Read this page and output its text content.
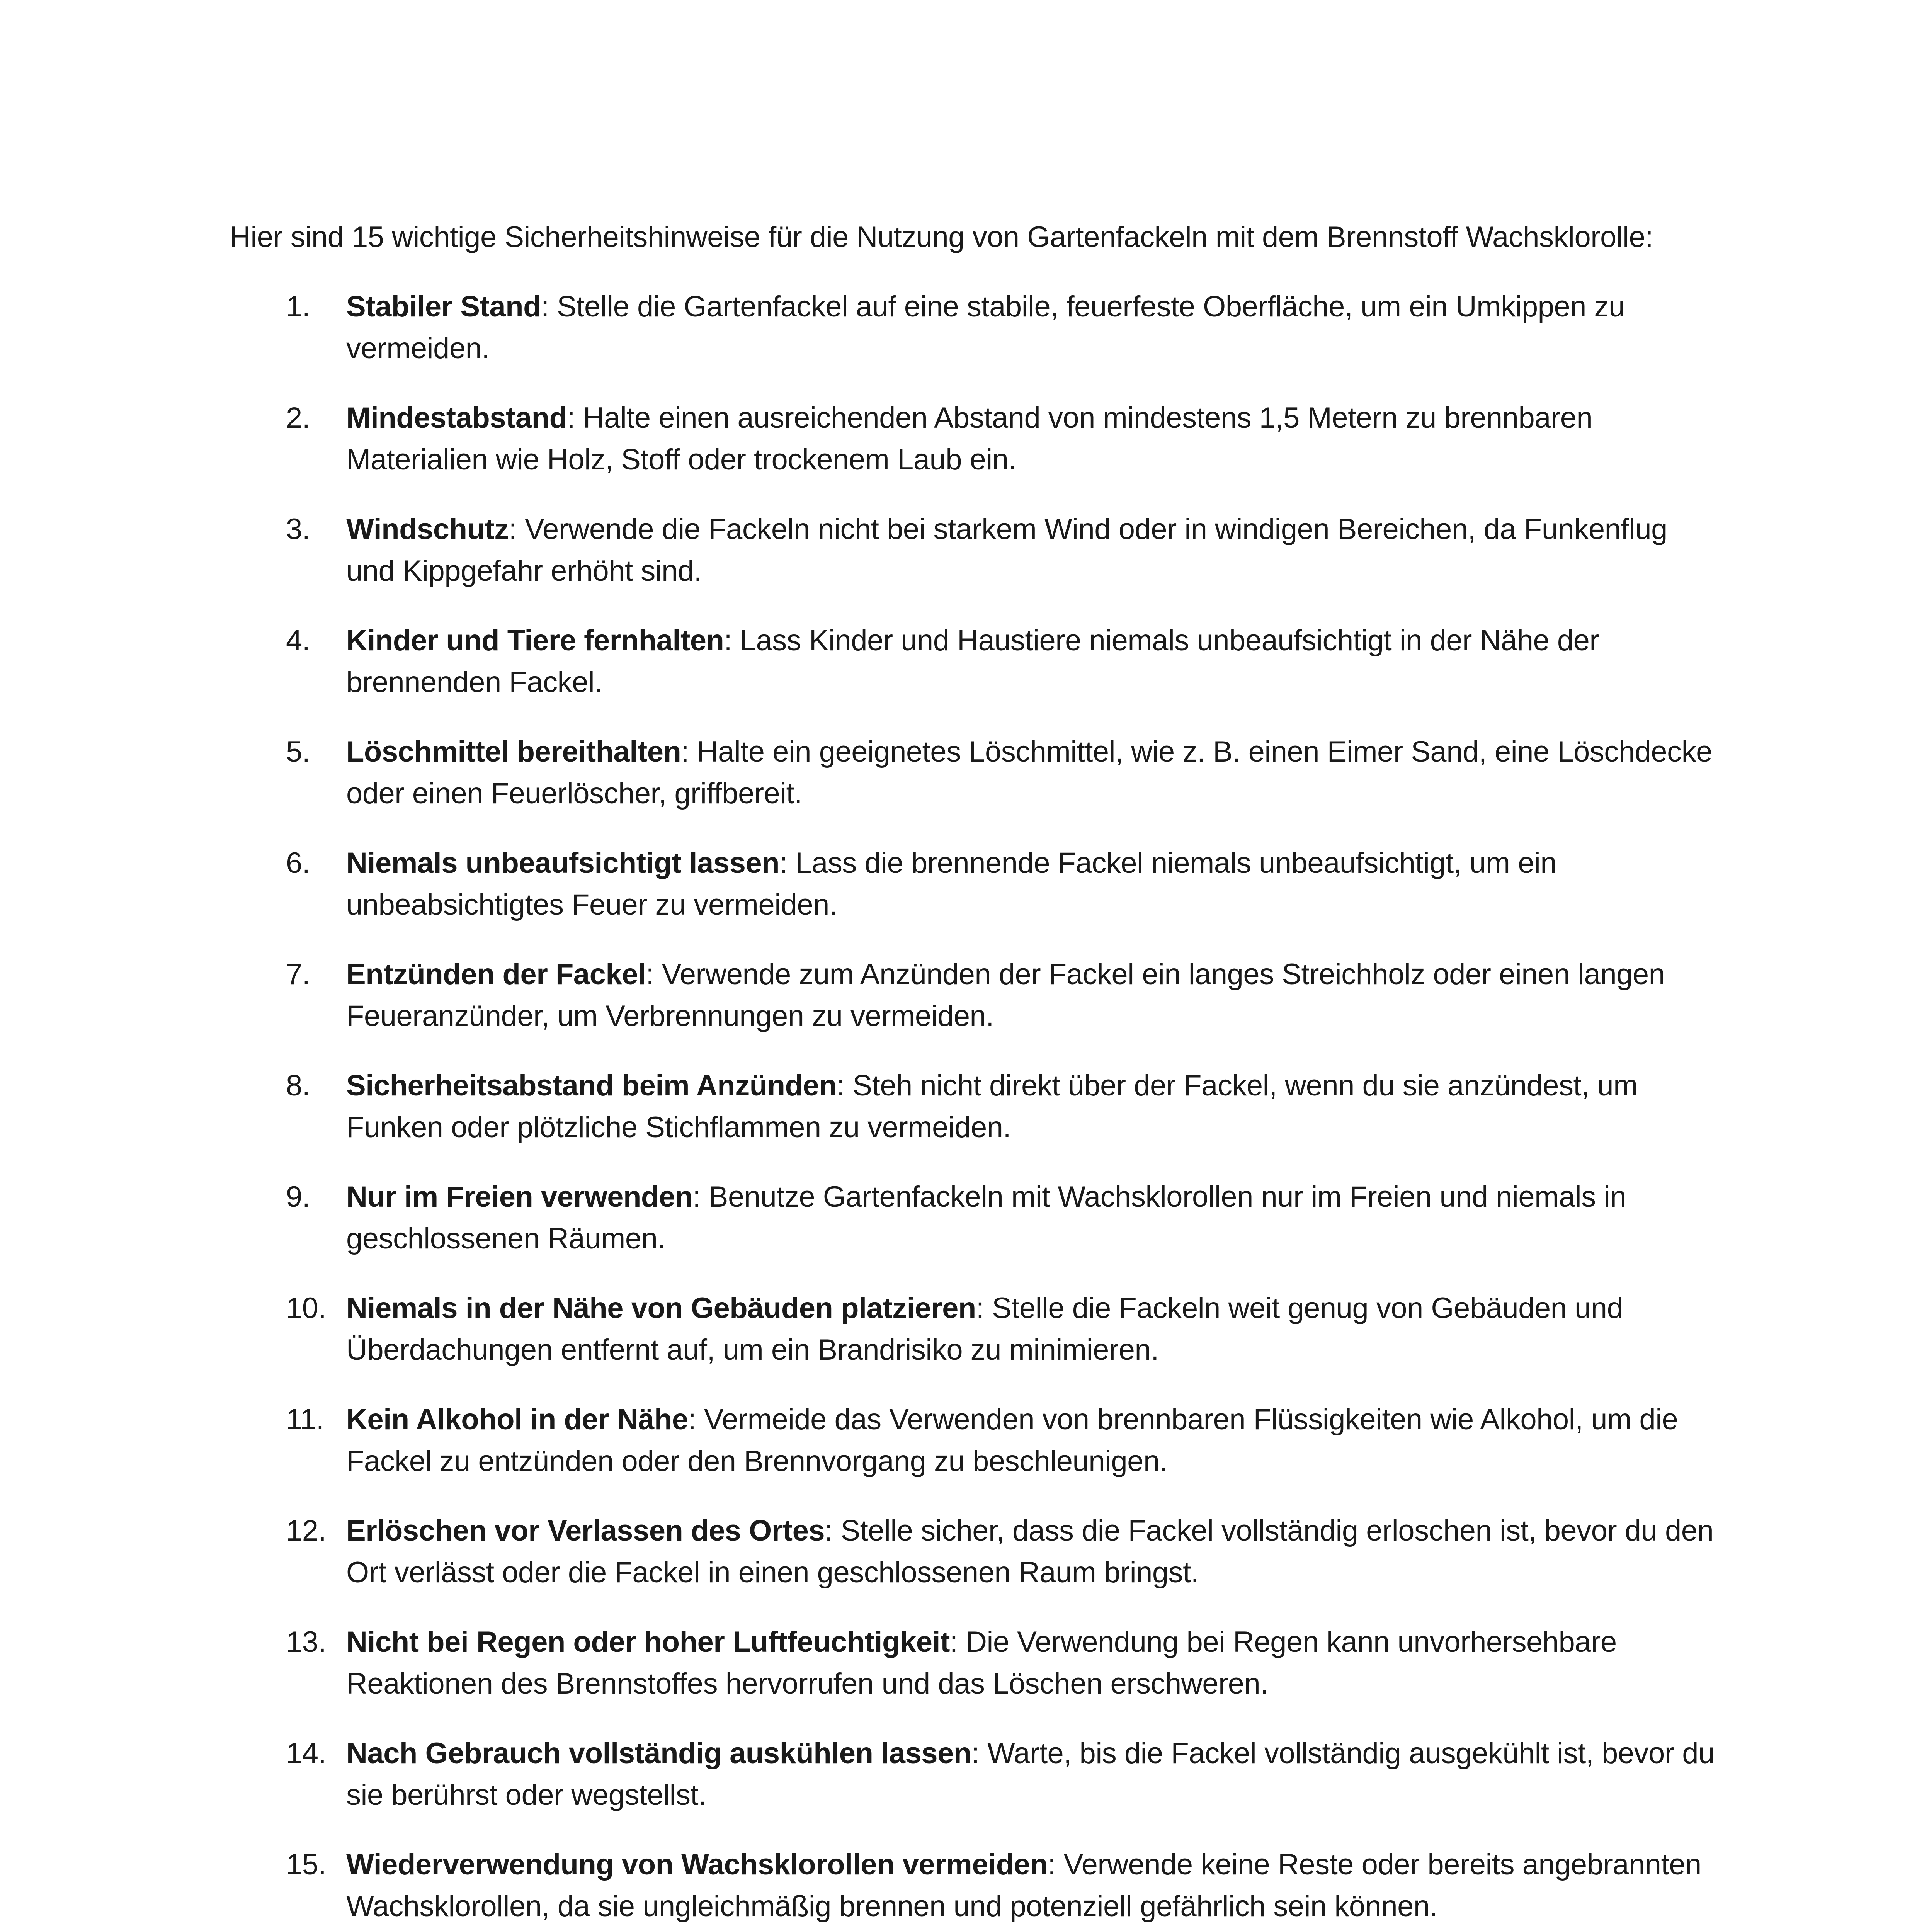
Hier sind 15 wichtige Sicherheitshinweise für die Nutzung von Gartenfackeln mit dem Brennstoff Wachsklorolle:

1. Stabiler Stand: Stelle die Gartenfackel auf eine stabile, feuerfeste Oberfläche, um ein Umkippen zu vermeiden.
2. Mindestabstand: Halte einen ausreichenden Abstand von mindestens 1,5 Metern zu brennbaren Materialien wie Holz, Stoff oder trockenem Laub ein.
3. Windschutz: Verwende die Fackeln nicht bei starkem Wind oder in windigen Bereichen, da Funkenflug und Kippgefahr erhöht sind.
4. Kinder und Tiere fernhalten: Lass Kinder und Haustiere niemals unbeaufsichtigt in der Nähe der brennenden Fackel.
5. Löschmittel bereithalten: Halte ein geeignetes Löschmittel, wie z. B. einen Eimer Sand, eine Löschdecke oder einen Feuerlöscher, griffbereit.
6. Niemals unbeaufsichtigt lassen: Lass die brennende Fackel niemals unbeaufsichtigt, um ein unbeabsichtigtes Feuer zu vermeiden.
7. Entzünden der Fackel: Verwende zum Anzünden der Fackel ein langes Streichholz oder einen langen Feueranzünder, um Verbrennungen zu vermeiden.
8. Sicherheitsabstand beim Anzünden: Steh nicht direkt über der Fackel, wenn du sie anzündest, um Funken oder plötzliche Stichflammen zu vermeiden.
9. Nur im Freien verwenden: Benutze Gartenfackeln mit Wachsklorollen nur im Freien und niemals in geschlossenen Räumen.
10. Niemals in der Nähe von Gebäuden platzieren: Stelle die Fackeln weit genug von Gebäuden und Überdachungen entfernt auf, um ein Brandrisiko zu minimieren.
11. Kein Alkohol in der Nähe: Vermeide das Verwenden von brennbaren Flüssigkeiten wie Alkohol, um die Fackel zu entzünden oder den Brennvorgang zu beschleunigen.
12. Erlöschen vor Verlassen des Ortes: Stelle sicher, dass die Fackel vollständig erloschen ist, bevor du den Ort verlässt oder die Fackel in einen geschlossenen Raum bringst.
13. Nicht bei Regen oder hoher Luftfeuchtigkeit: Die Verwendung bei Regen kann unvorhersehbare Reaktionen des Brennstoffes hervorrufen und das Löschen erschweren.
14. Nach Gebrauch vollständig auskühlen lassen: Warte, bis die Fackel vollständig ausgekühlt ist, bevor du sie berührst oder wegstellst.
15. Wiederverwendung von Wachsklorollen vermeiden: Verwende keine Reste oder bereits angebrannten Wachsklorollen, da sie ungleichmäßig brennen und potenziell gefährlich sein können.
